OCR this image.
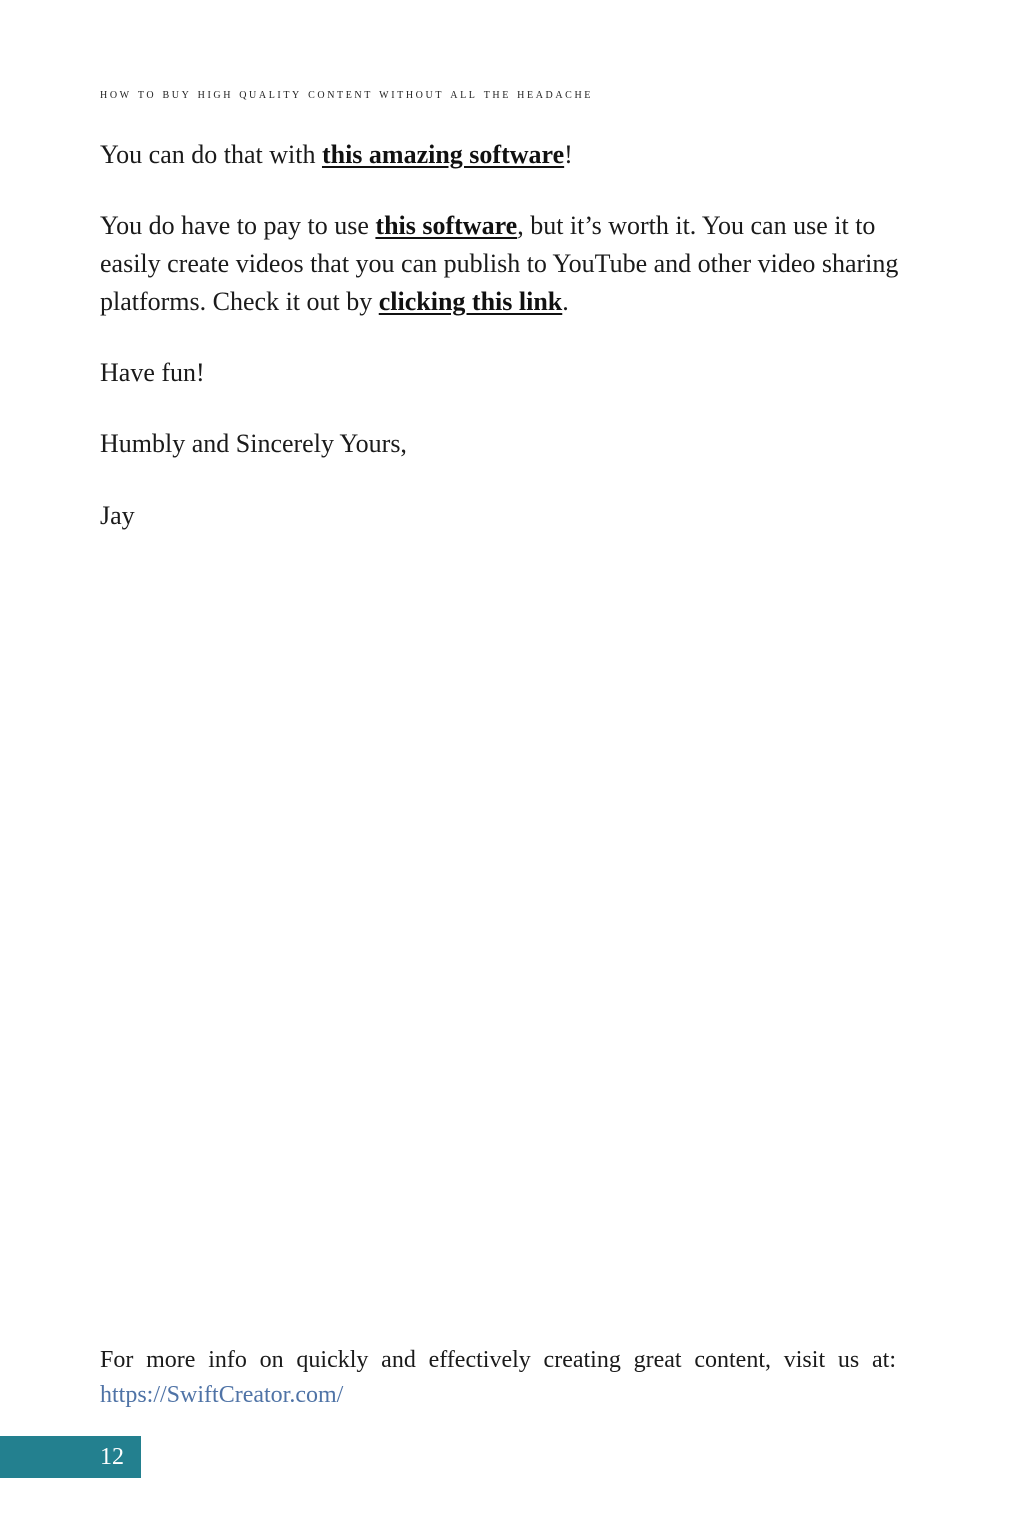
how to buy high quality content without all the headache

You can do that with this amazing software!

You do have to pay to use this software, but it’s worth it. You can use it to easily create videos that you can publish to YouTube and other video sharing platforms. Check it out by clicking this link.

Have fun!

Humbly and Sincerely Yours,

Jay

For more info on quickly and effectively creating great content, visit us at:
https://SwiftCreator.com/
12
